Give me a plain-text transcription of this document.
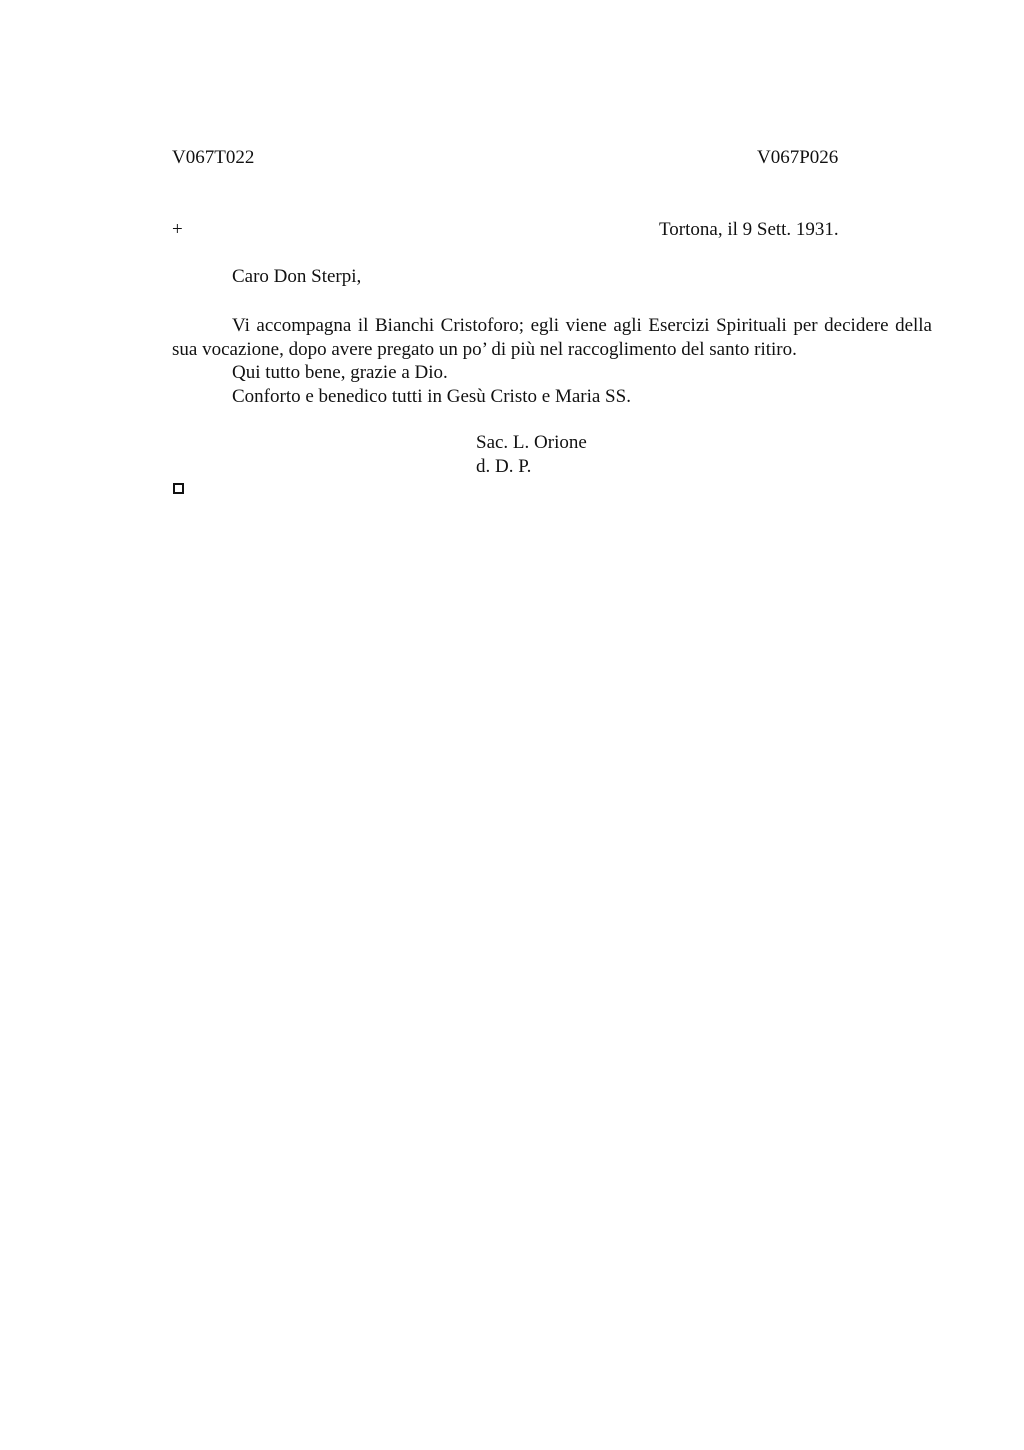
V067T022	V067P026
+	Tortona, il 9 Sett. 1931.
Caro Don Sterpi,

Vi accompagna il Bianchi Cristoforo; egli viene agli Esercizi Spirituali per decidere della sua vocazione, dopo avere pregato un po’ di più nel raccoglimento del santo ritiro.

Qui tutto bene, grazie a Dio.

Conforto e benedico tutti in Gesù Cristo e Maria SS.

Sac. L. Orione
d. D. P.
